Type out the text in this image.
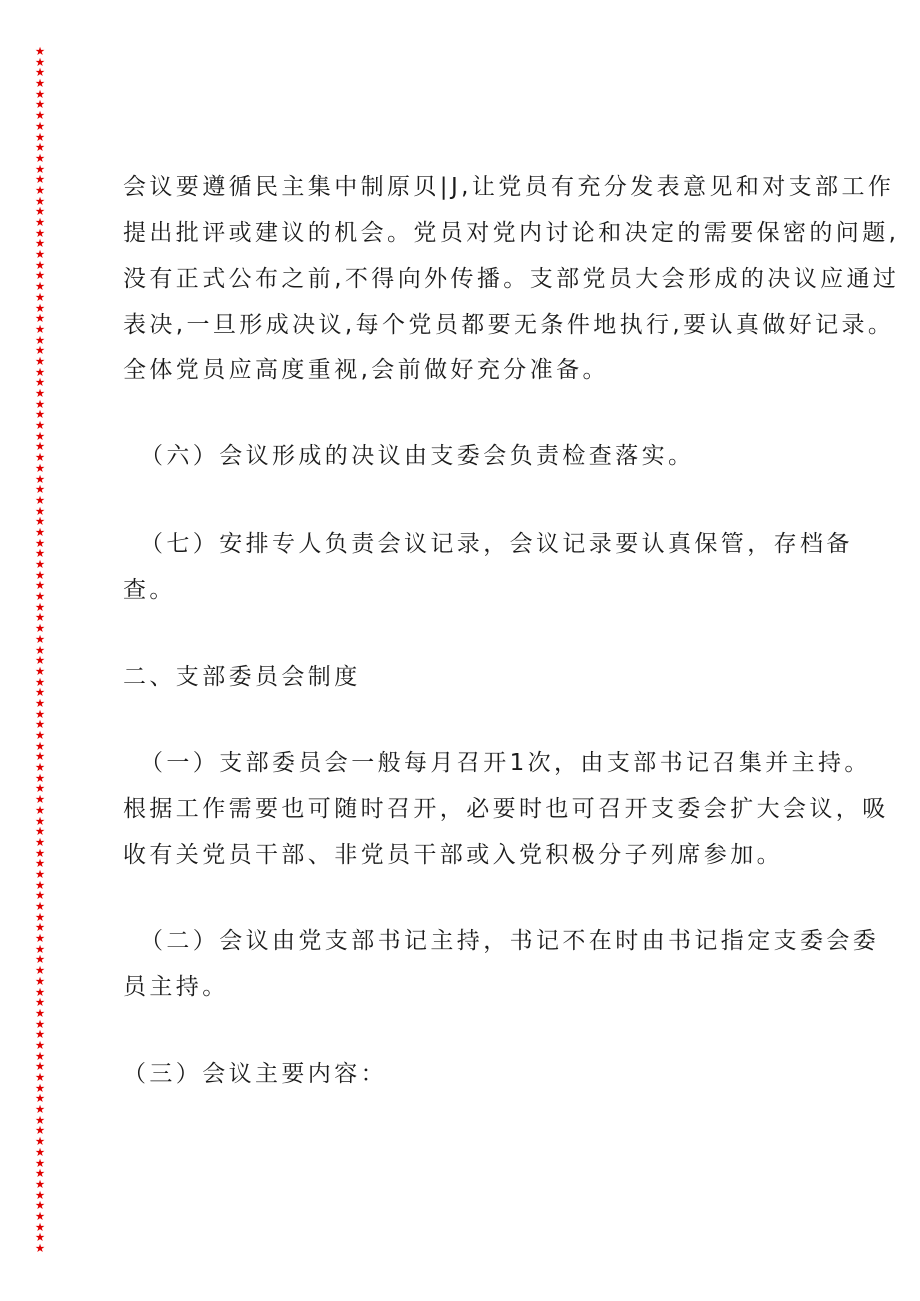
★
★
★
★
★
★
★
★
★
★
★
★
★
★
★
★
★
★
★
★
★
★
★
★
★
★
★
★
★
★
★
★
★
★
★
★
★
★
★
★
★
★
★
★
★
★
★
★
★
★
★
★
★
★
★
★
★
★
★
★
★
★
★
★
★
★
★
★
★
★
★
★
★
★
★
★
★
★
★
★
★
★
★
★
★
★
★
★
★
★
★
★
★
★
★
★
★
★
★
★
★
★
★
★
★
★
★
★
★
★
★
★
★
会议要遵循民主集中制原贝|J,让党员有充分发表意见和对支部工作
提出批评或建议的机会。党员对党内讨论和决定的需要保密的问题,
没有正式公布之前,不得向外传播。支部党员大会形成的决议应通过
表决,一旦形成决议,每个党员都要无条件地执行,要认真做好记录。
全体党员应高度重视,会前做好充分准备。
（六）会议形成的决议由支委会负责检查落实。
（七）安排专人负责会议记录，会议记录要认真保管，存档备
查。
二、支部委员会制度
（一）支部委员会一般每月召开1次，由支部书记召集并主持。
根据工作需要也可随时召开，必要时也可召开支委会扩大会议，吸
收有关党员干部、非党员干部或入党积极分子列席参加。
（二）会议由党支部书记主持，书记不在时由书记指定支委会委
员主持。
（三）会议主要内容：
